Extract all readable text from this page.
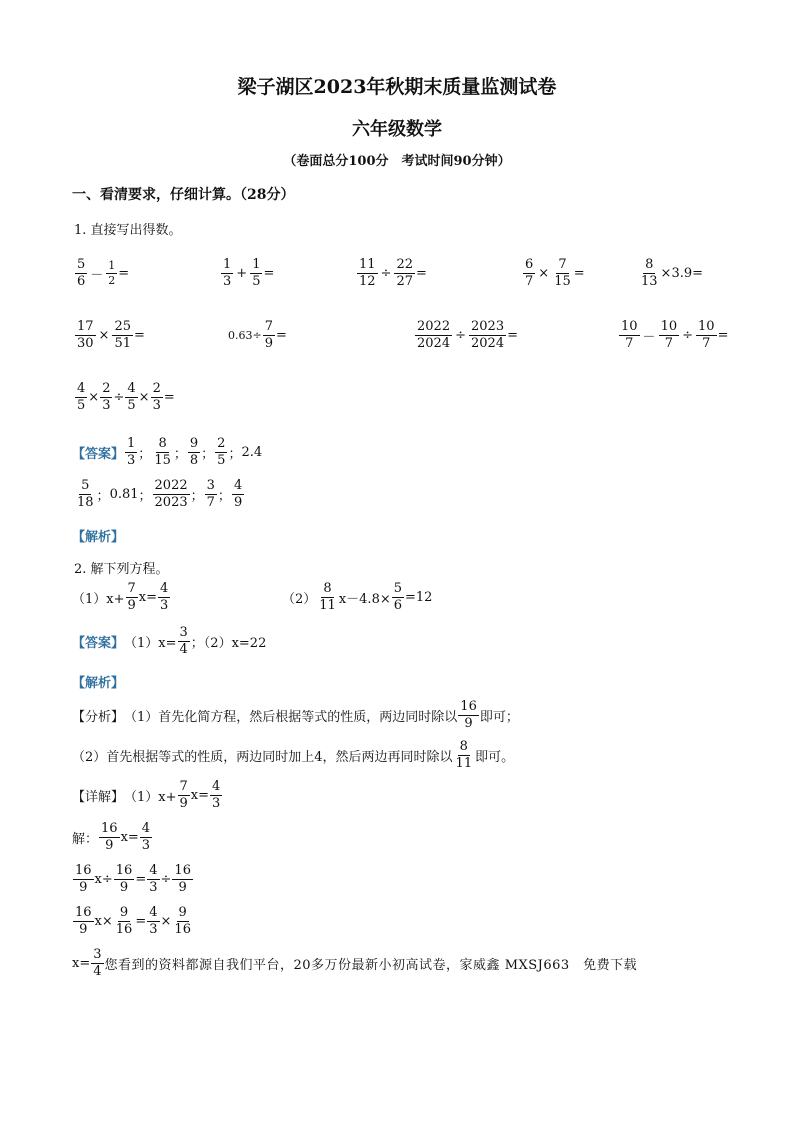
梁子湖区2023年秋期末质量监测试卷
六年级数学
（卷面总分100分　考试时间90分钟）
一、看清要求，仔细计算。（28分）
1. 直接写出得数。
$\frac{5}{6} - \frac{1}{2}$ =	$\frac{1}{3} + \frac{1}{5}$ =	$\frac{11}{12} \div \frac{22}{27}$ =	$\frac{6}{7} \times \frac{7}{15}$ =	$\frac{8}{13} \times 3.9=$
$\frac{17}{30} \times \frac{25}{51}$ =	$0.63\div \frac{7}{9}$ =	$\frac{2022}{2024} \div \frac{2023}{2024}$ =	$\frac{10}{7} - \frac{10}{7} \div \frac{10}{7}$ =
$\frac{4}{5} \times \frac{2}{3} \div \frac{4}{5} \times \frac{2}{3}$ =
【答案】 $\frac{1}{3}$ ； $\frac{8}{15}$ ； $\frac{9}{8}$ ； $\frac{2}{5}$ ； 2.4
$\frac{5}{18}$ ； 0.81 ； $\frac{2022}{2023}$ ； $\frac{3}{7}$ ； $\frac{4}{9}$
【解析】
2. 解下列方程。
$(1)x+ \frac{7}{9} x= \frac{4}{3}$	$(2) \frac{8}{11} x-4.8\times \frac{5}{6} =12$
【答案】 $(1)x= \frac{3}{4}$ ；（2）x=22
【解析】
【分析】 （1）首先化简方程，然后根据等式的性质，两边同时除以 $\frac{16}{9}$ 即可；
（2）首先根据等式的性质，两边同时加上4，然后两边再同时除以 $\frac{8}{11}$ 即可。
【详解】 $(1)x+ \frac{7}{9} x= \frac{4}{3}$
解： $\frac{16}{9} x= \frac{4}{3}$
$\frac{16}{9} x\div \frac{16}{9} = \frac{4}{3} \div \frac{16}{9}$
$\frac{16}{9} x\times \frac{9}{16} = \frac{4}{3} \times \frac{9}{16}$
$x= \frac{3}{4}$ 您看到的资料都源自我们平台，20多万份最新小初高试卷，家威鑫 MXSJ663　免费下载
